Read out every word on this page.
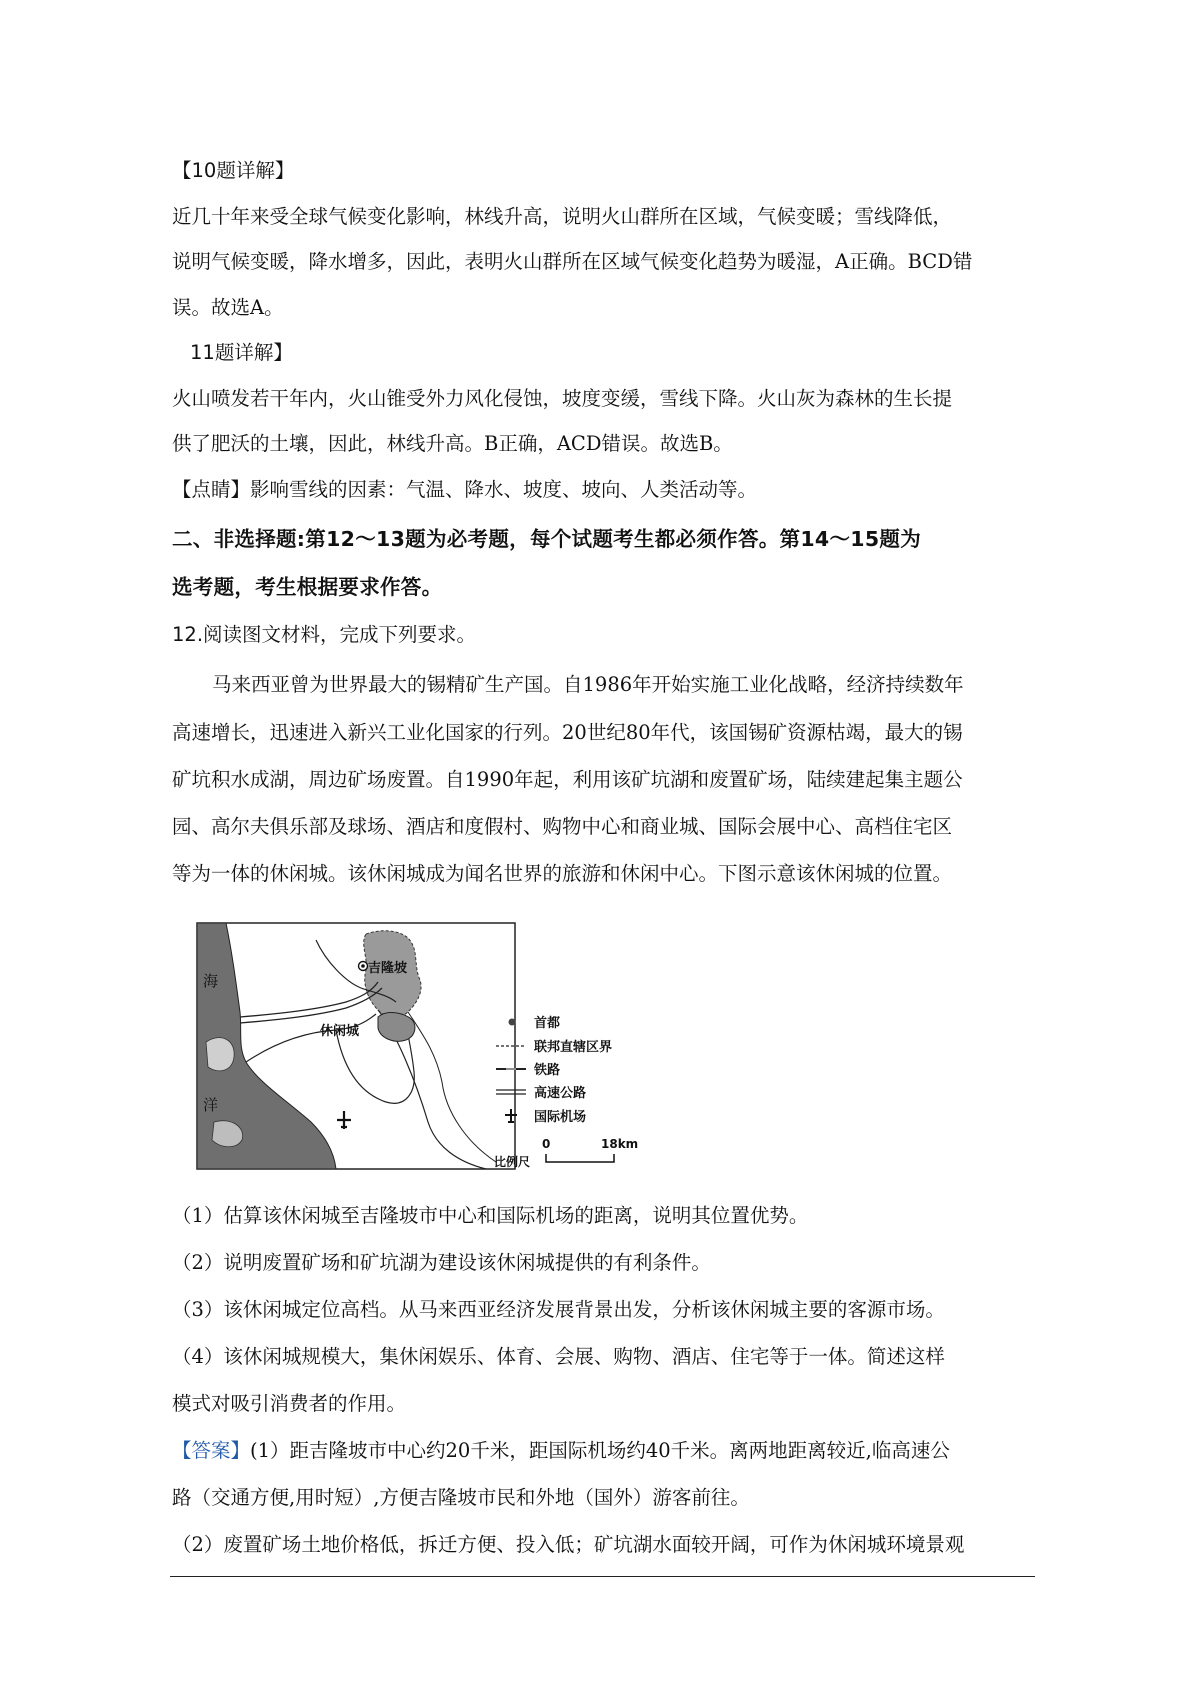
【10题详解】
近几十年来受全球气候变化影响，林线升高，说明火山群所在区域，气候变暖；雪线降低，
说明气候变暖，降水增多，因此，表明火山群所在区域气候变化趋势为暖湿，A正确。BCD错
误。故选A。
11题详解】
火山喷发若干年内，火山锥受外力风化侵蚀，坡度变缓，雪线下降。火山灰为森林的生长提
供了肥沃的土壤，因此，林线升高。B正确，ACD错误。故选B。
【点睛】影响雪线的因素：气温、降水、坡度、坡向、人类活动等。
二、非选择题:第12～13题为必考题，每个试题考生都必须作答。第14～15题为
选考题，考生根据要求作答。
12.阅读图文材料，完成下列要求。
马来西亚曾为世界最大的锡精矿生产国。自1986年开始实施工业化战略，经济持续数年
高速增长，迅速进入新兴工业化国家的行列。20世纪80年代，该国锡矿资源枯竭，最大的锡
矿坑积水成湖，周边矿场废置。自1990年起，利用该矿坑湖和废置矿场，陆续建起集主题公
园、高尔夫俱乐部及球场、酒店和度假村、购物中心和商业城、国际会展中心、高档住宅区
等为一体的休闲城。该休闲城成为闻名世界的旅游和休闲中心。下图示意该休闲城的位置。
海
洋
吉隆坡
休闲城
首都
联邦直辖区界
铁路
高速公路
国际机场
比例尺
0	18km
（1）估算该休闲城至吉隆坡市中心和国际机场的距离，说明其位置优势。
（2）说明废置矿场和矿坑湖为建设该休闲城提供的有利条件。
（3）该休闲城定位高档。从马来西亚经济发展背景出发，分析该休闲城主要的客源市场。
（4）该休闲城规模大，集休闲娱乐、体育、会展、购物、酒店、住宅等于一体。简述这样
模式对吸引消费者的作用。
【答案】(1）距吉隆坡市中心约20千米，距国际机场约40千米。离两地距离较近,临高速公
路（交通方便,用时短）,方便吉隆坡市民和外地（国外）游客前往。
（2）废置矿场土地价格低，拆迁方便、投入低；矿坑湖水面较开阔，可作为休闲城环境景观
